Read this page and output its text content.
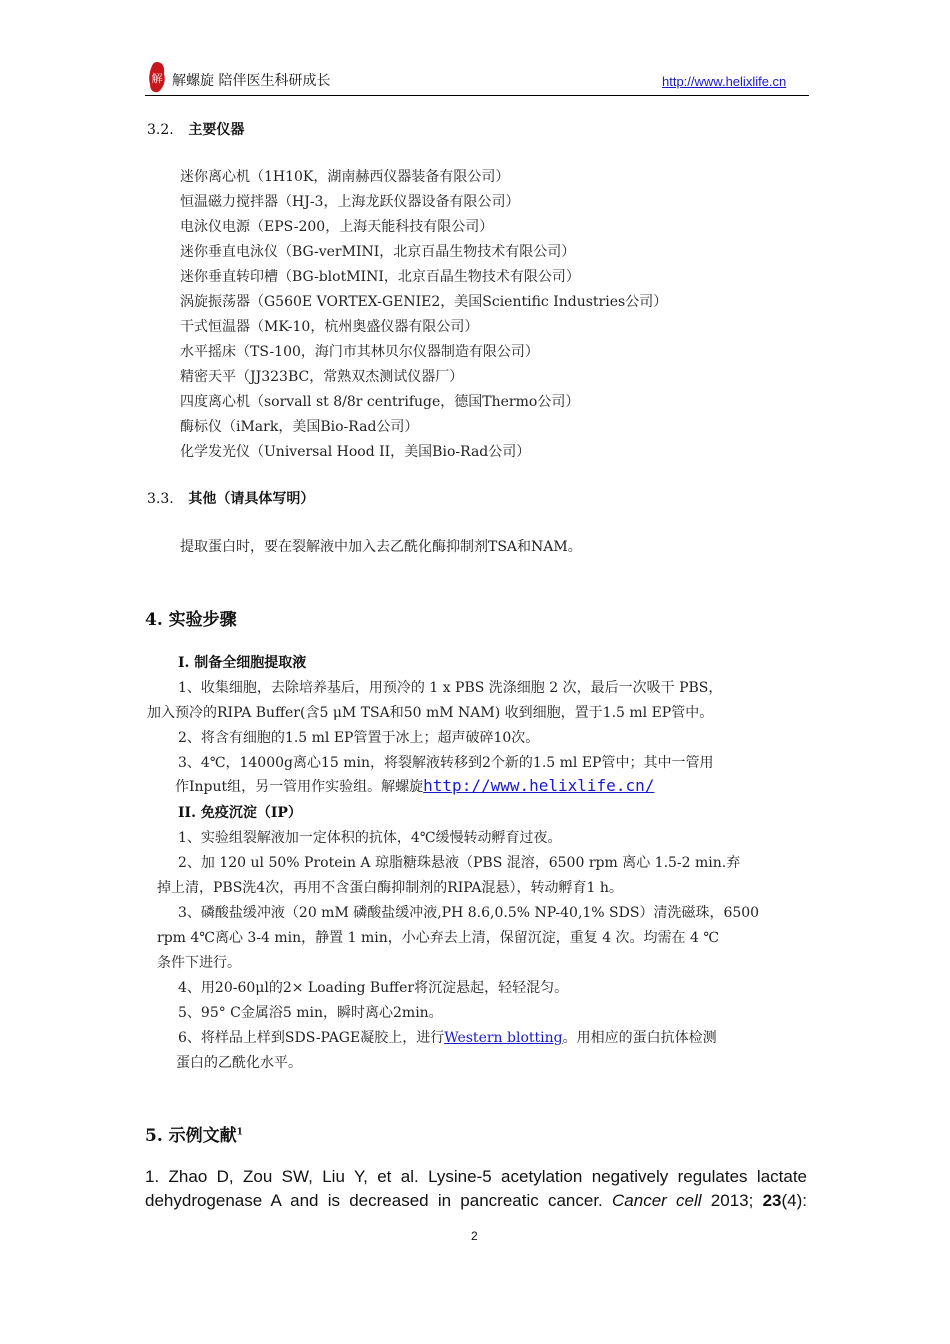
解 解螺旋 陪伴医生科研成长	http://www.helixlife.cn
3.2. 主要仪器
迷你离心机（1H10K，湖南赫西仪器装备有限公司）
恒温磁力搅拌器（HJ-3，上海龙跃仪器设备有限公司）
电泳仪电源（EPS-200，上海天能科技有限公司）
迷你垂直电泳仪（BG-verMINI，北京百晶生物技术有限公司）
迷你垂直转印槽（BG-blotMINI，北京百晶生物技术有限公司）
涡旋振荡器（G560E VORTEX-GENIE2，美国Scientific Industries公司）
干式恒温器（MK-10，杭州奥盛仪器有限公司）
水平摇床（TS-100，海门市其林贝尔仪器制造有限公司）
精密天平（JJ323BC，常熟双杰测试仪器厂）
四度离心机（sorvall st 8/8r centrifuge，德国Thermo公司）
酶标仪（iMark，美国Bio-Rad公司）
化学发光仪（Universal Hood II，美国Bio-Rad公司）
3.3. 其他（请具体写明）
提取蛋白时，要在裂解液中加入去乙酰化酶抑制剂TSA和NAM。
4. 实验步骤
I. 制备全细胞提取液
1、收集细胞，去除培养基后，用预冷的 1 x PBS 洗涤细胞 2 次，最后一次吸干 PBS，
加入预冷的RIPA Buffer(含5 μM TSA和50 mM NAM) 收到细胞，置于1.5 ml EP管中。
2、将含有细胞的1.5 ml EP管置于冰上；超声破碎10次。
3、4℃，14000g离心15 min，将裂解液转移到2个新的1.5 ml EP管中；其中一管用
作Input组，另一管用作实验组。解螺旋http://www.helixlife.cn/
II. 免疫沉淀（IP）
1、实验组裂解液加一定体积的抗体，4℃缓慢转动孵育过夜。
2、加 120 ul 50% Protein A 琼脂糖珠悬液（PBS 混溶，6500 rpm 离心 1.5-2 min.弃
掉上清，PBS洗4次，再用不含蛋白酶抑制剂的RIPA混悬），转动孵育1 h。
3、磷酸盐缓冲液（20 mM 磷酸盐缓冲液,PH 8.6,0.5% NP-40,1% SDS）清洗磁珠，6500
rpm 4℃离心 3-4 min，静置 1 min，小心弃去上清，保留沉淀，重复 4 次。均需在 4 ℃
条件下进行。
4、用20-60μl的2× Loading Buffer将沉淀悬起，轻轻混匀。
5、95° C金属浴5 min，瞬时离心2min。
6、将样品上样到SDS-PAGE凝胶上，进行Western blotting。用相应的蛋白抗体检测
蛋白的乙酰化水平。
5. 示例文献$^1$
1. Zhao D, Zou SW, Liu Y, et al. Lysine-5 acetylation negatively regulates lactate
dehydrogenase A and is decreased in pancreatic cancer. Cancer cell 2013; 23(4):
2
